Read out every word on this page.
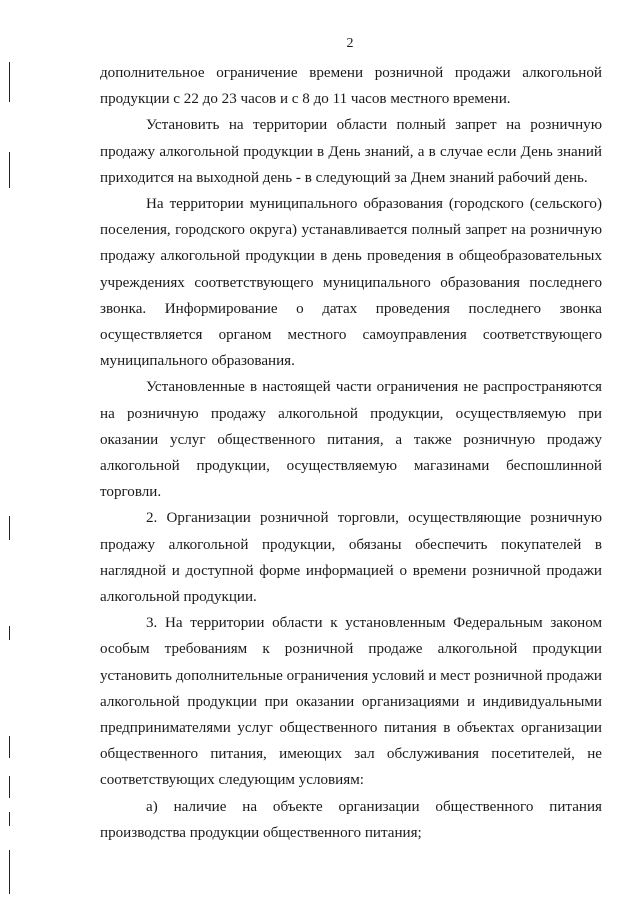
2

дополнительное ограничение времени розничной продажи алкогольной продукции с 22 до 23 часов и с 8 до 11 часов местного времени.

Установить на территории области полный запрет на розничную продажу алкогольной продукции в День знаний, а в случае если День знаний приходится на выходной день - в следующий за Днем знаний рабочий день.

На территории муниципального образования (городского (сельского) поселения, городского округа) устанавливается полный запрет на розничную продажу алкогольной продукции в день проведения в общеобразовательных учреждениях соответствующего муниципального образования последнего звонка. Информирование о датах проведения последнего звонка осуществляется органом местного самоуправления соответствующего муниципального образования.

Установленные в настоящей части ограничения не распространяются на розничную продажу алкогольной продукции, осуществляемую при оказании услуг общественного питания, а также розничную продажу алкогольной продукции, осуществляемую магазинами беспошлинной торговли.

2. Организации розничной торговли, осуществляющие розничную продажу алкогольной продукции, обязаны обеспечить покупателей в наглядной и доступной форме информацией о времени розничной продажи алкогольной продукции.

3. На территории области к установленным Федеральным законом особым требованиям к розничной продаже алкогольной продукции установить дополнительные ограничения условий и мест розничной продажи алкогольной продукции при оказании организациями и индивидуальными предпринимателями услуг общественного питания в объектах организации общественного питания, имеющих зал обслуживания посетителей, не соответствующих следующим условиям:

а) наличие на объекте организации общественного питания производства продукции общественного питания;
